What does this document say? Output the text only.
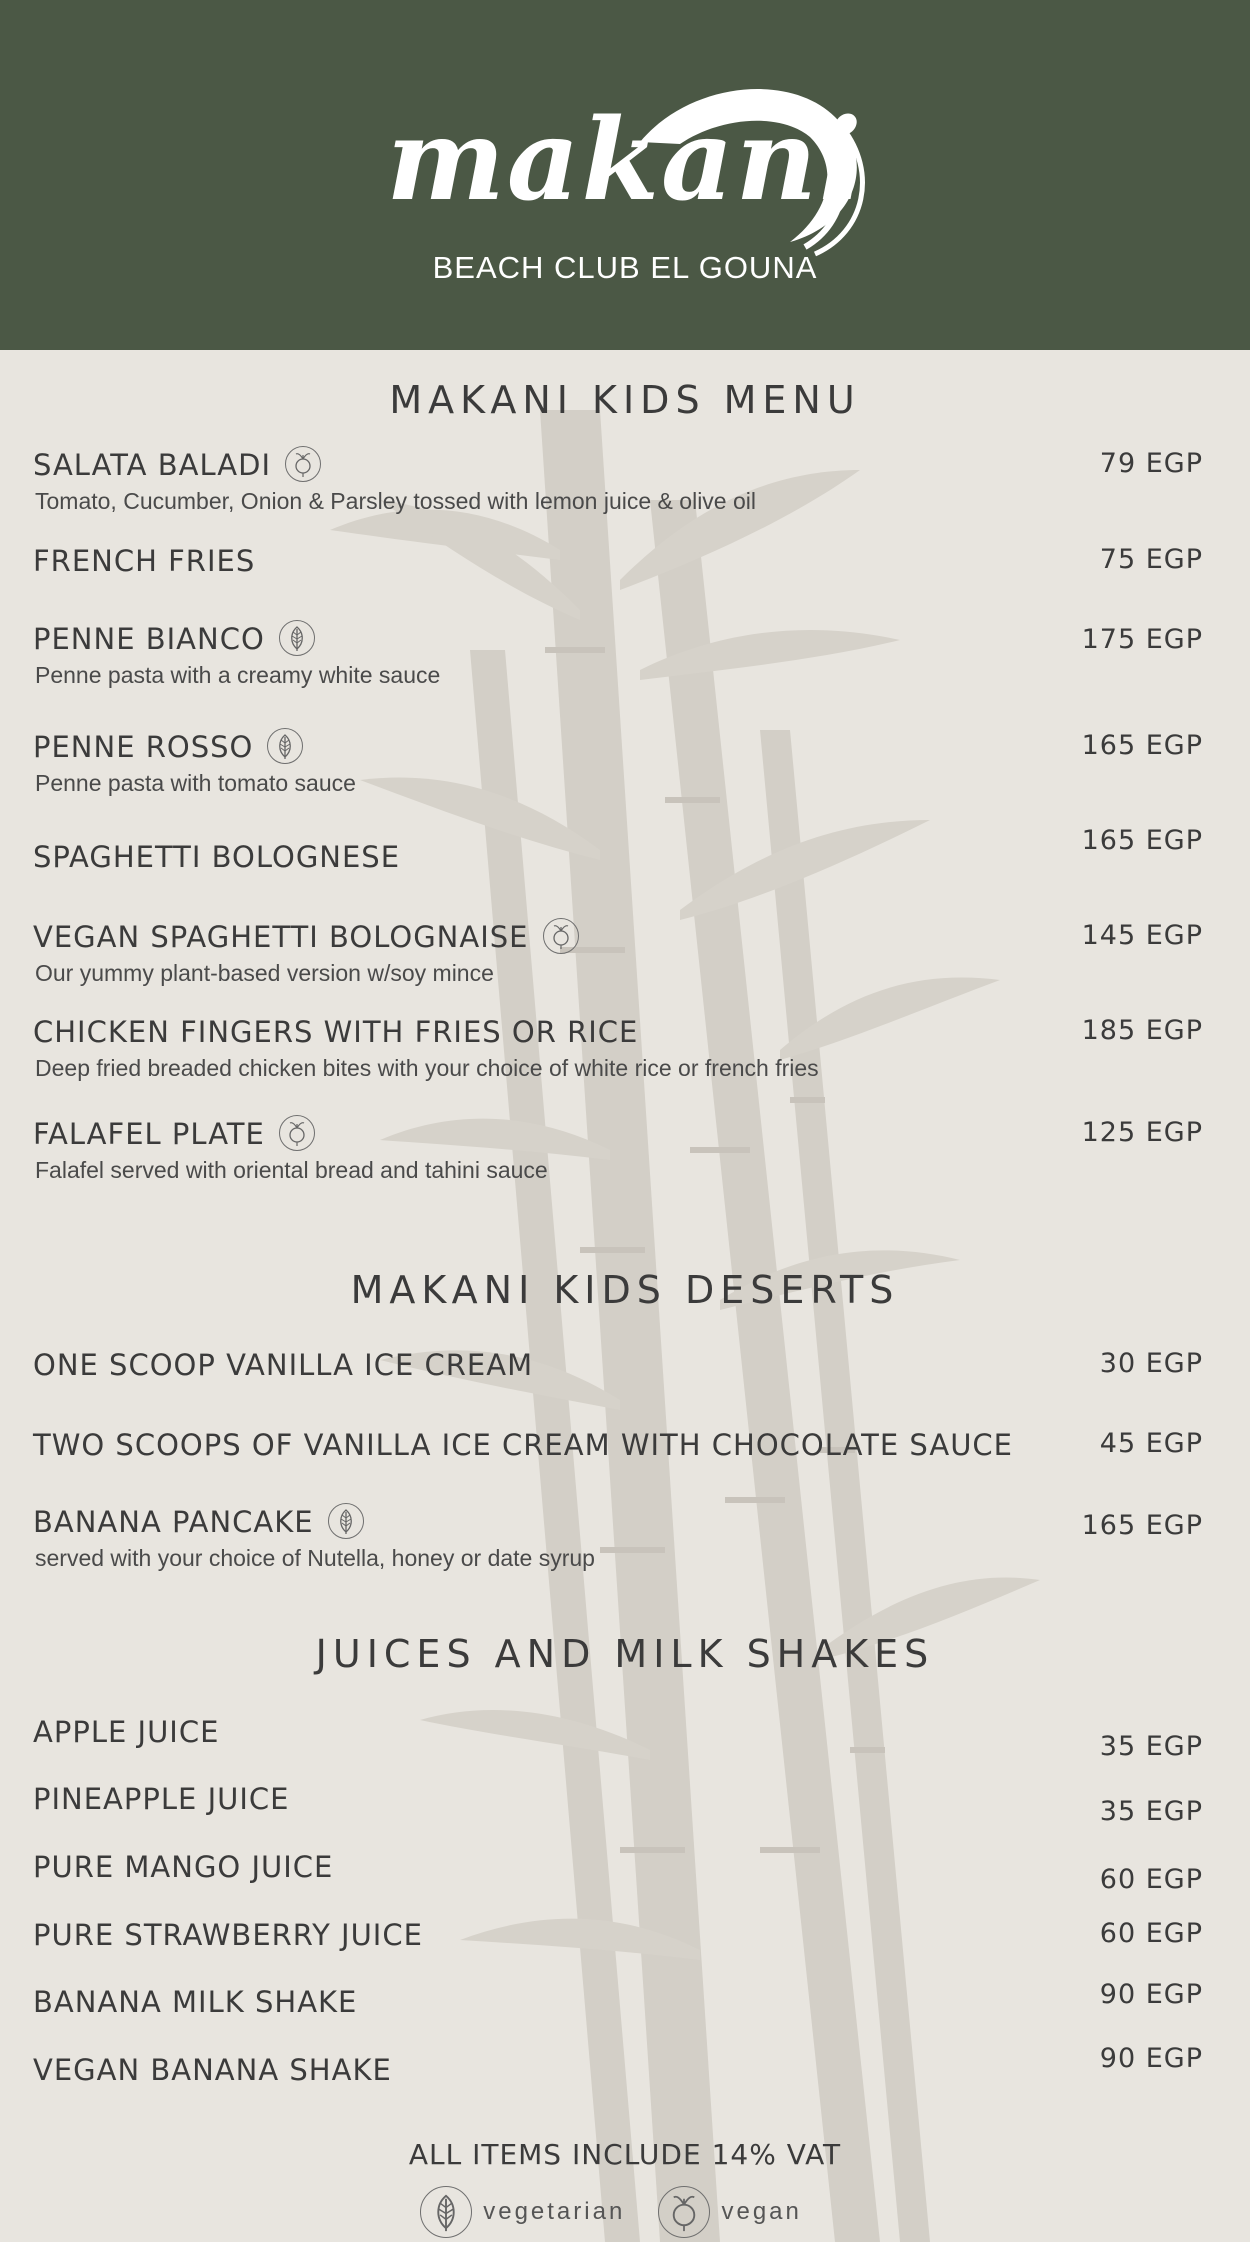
makani
BEACH CLUB EL GOUNA
MAKANI KIDS MENU
SALATA BALADI	79 EGP
Tomato, Cucumber, Onion & Parsley tossed with lemon juice & olive oil
FRENCH FRIES	75 EGP
PENNE BIANCO	175 EGP
Penne pasta with a creamy white sauce
PENNE ROSSO	165 EGP
Penne pasta with tomato sauce
SPAGHETTI BOLOGNESE	165 EGP
VEGAN SPAGHETTI BOLOGNAISE	145 EGP
Our yummy plant-based version w/soy mince
CHICKEN FINGERS WITH FRIES OR RICE	185 EGP
Deep fried breaded chicken bites with your choice of white rice or french fries
FALAFEL PLATE	125 EGP
Falafel served with oriental bread and tahini sauce
MAKANI KIDS DESERTS
ONE SCOOP VANILLA ICE CREAM	30 EGP
TWO SCOOPS OF VANILLA ICE CREAM WITH CHOCOLATE SAUCE	45 EGP
BANANA PANCAKE	165 EGP
served with your choice of Nutella, honey or date syrup
JUICES AND MILK SHAKES
APPLE JUICE	35 EGP
PINEAPPLE JUICE	35 EGP
PURE MANGO JUICE	60 EGP
PURE STRAWBERRY JUICE	60 EGP
BANANA MILK SHAKE	90 EGP
VEGAN BANANA SHAKE	90 EGP
ALL ITEMS INCLUDE 14% VAT
vegetarian	vegan
